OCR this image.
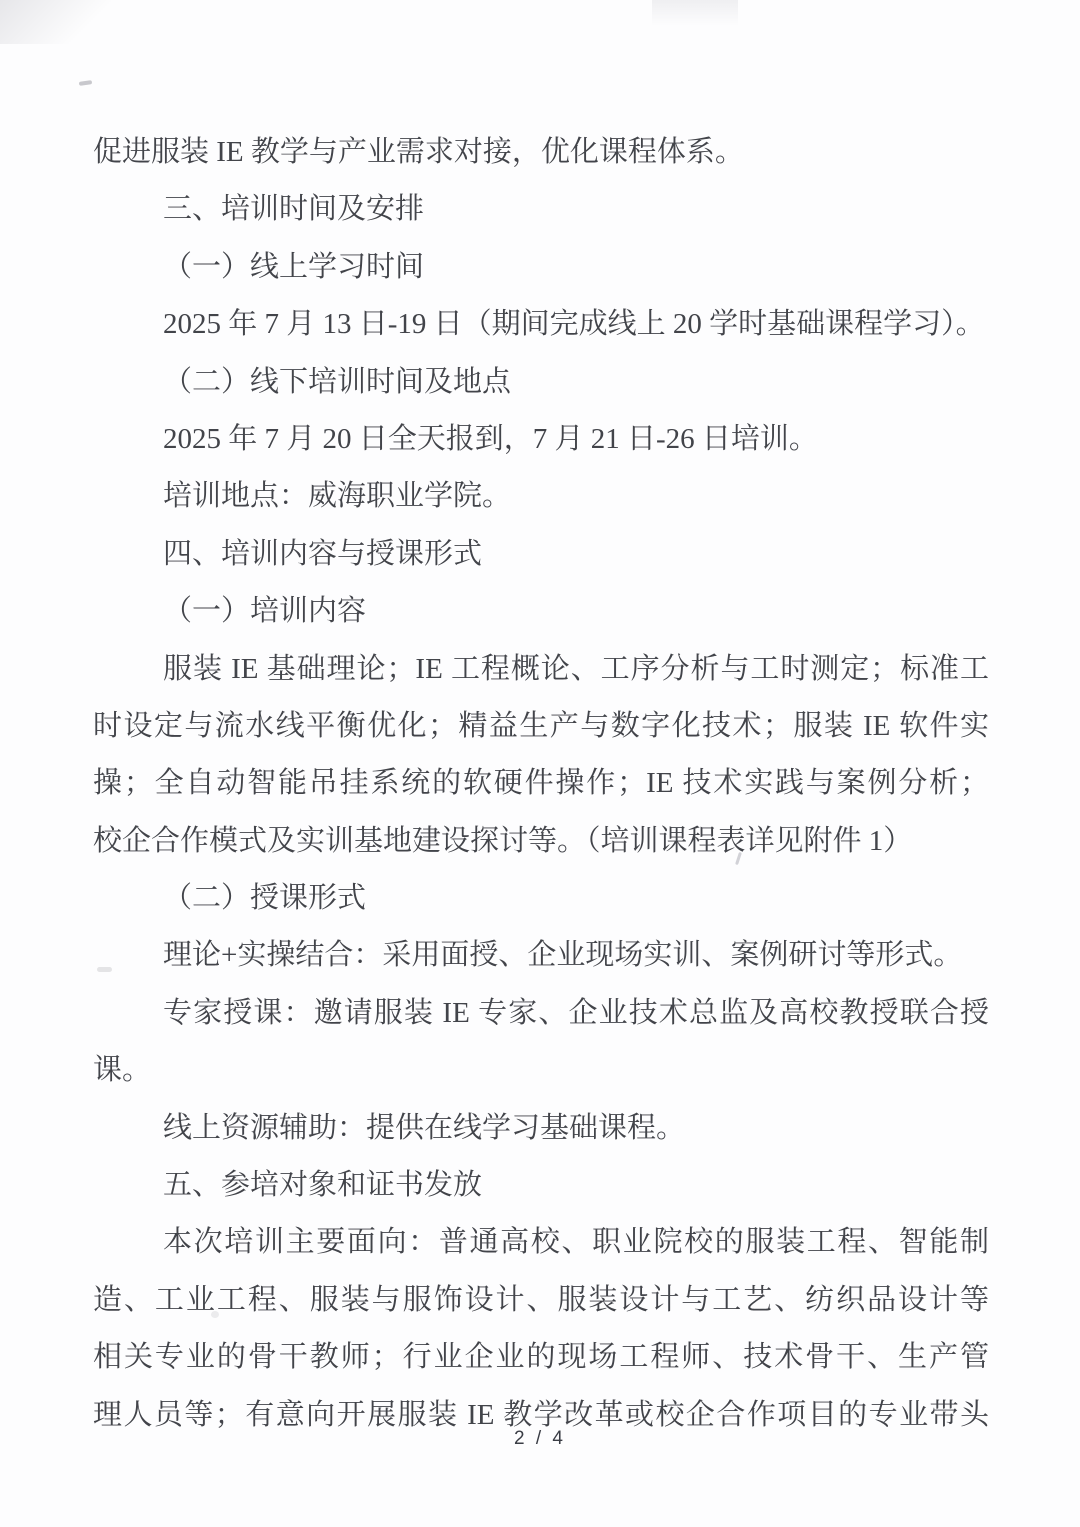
促进服装 IE 教学与产业需求对接，优化课程体系。
三、培训时间及安排
（一）线上学习时间
2025 年 7 月 13 日-19 日（期间完成线上 20 学时基础课程学习）。
（二）线下培训时间及地点
2025 年 7 月 20 日全天报到，7 月 21 日-26 日培训。
培训地点：威海职业学院。
四、培训内容与授课形式
（一）培训内容
服装 IE 基础理论；IE 工程概论、工序分析与工时测定；标准工
时设定与流水线平衡优化；精益生产与数字化技术；服装 IE 软件实
操；全自动智能吊挂系统的软硬件操作；IE 技术实践与案例分析；
校企合作模式及实训基地建设探讨等。（培训课程表详见附件 1）
（二）授课形式
理论+实操结合：采用面授、企业现场实训、案例研讨等形式。
专家授课：邀请服装 IE 专家、企业技术总监及高校教授联合授
课。
线上资源辅助：提供在线学习基础课程。
五、参培对象和证书发放
本次培训主要面向：普通高校、职业院校的服装工程、智能制
造、工业工程、服装与服饰设计、服装设计与工艺、纺织品设计等
相关专业的骨干教师；行业企业的现场工程师、技术骨干、生产管
理人员等；有意向开展服装 IE 教学改革或校企合作项目的专业带头
2 / 4
